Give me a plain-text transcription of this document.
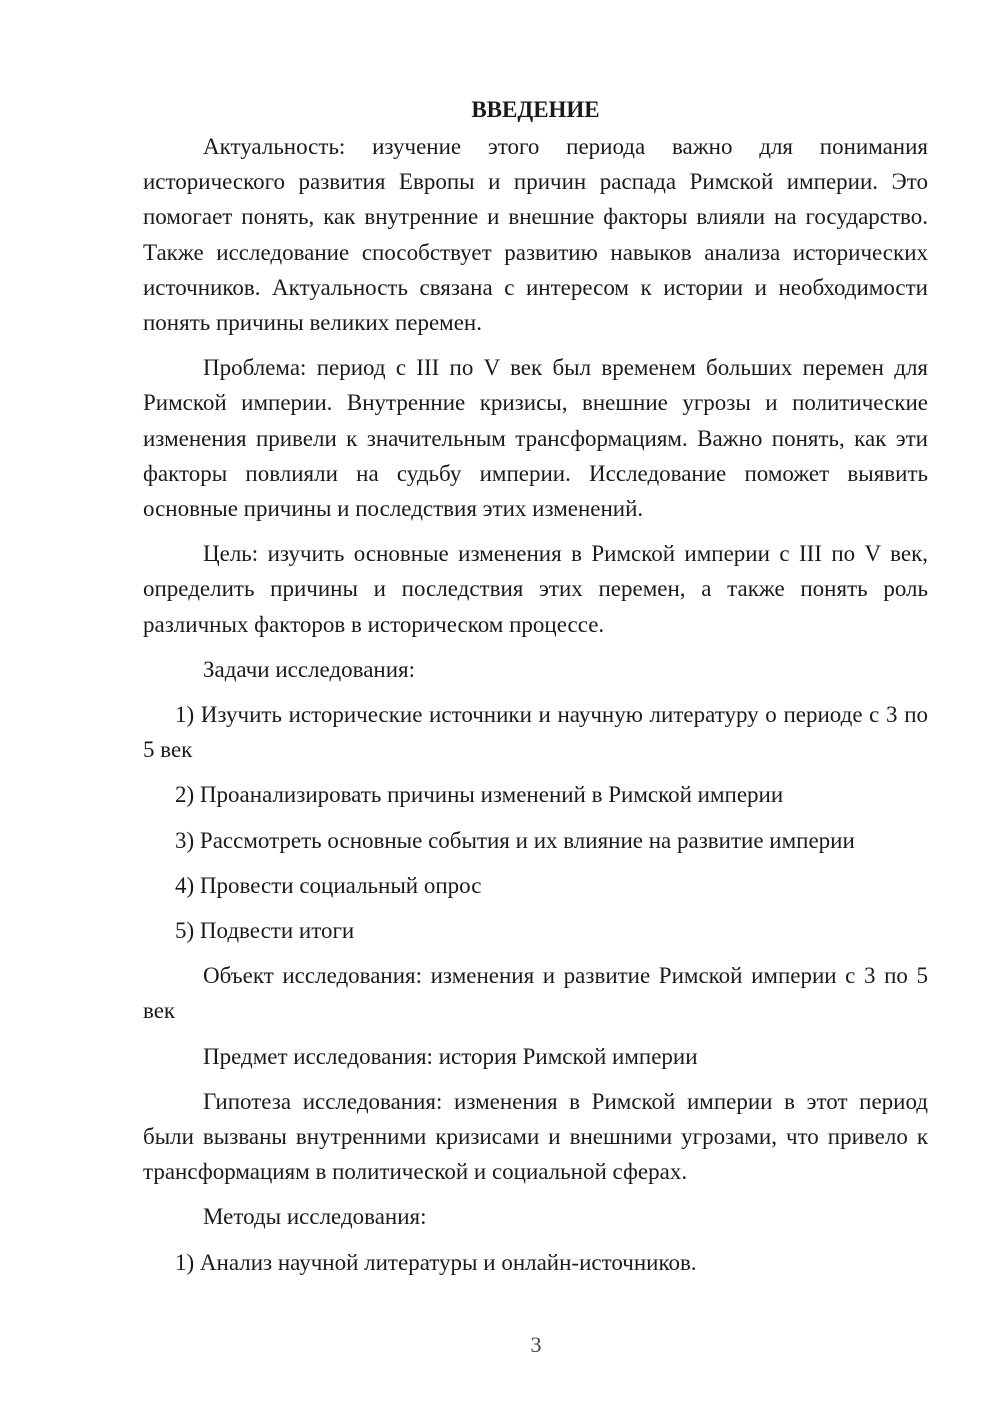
ВВЕДЕНИЕ

Актуальность: изучение этого периода важно для понимания исторического развития Европы и причин распада Римской империи. Это помогает понять, как внутренние и внешние факторы влияли на государство. Также исследование способствует развитию навыков анализа исторических источников. Актуальность связана с интересом к истории и необходимости понять причины великих перемен.

Проблема: период с III по V век был временем больших перемен для Римской империи. Внутренние кризисы, внешние угрозы и политические изменения привели к значительным трансформациям. Важно понять, как эти факторы повлияли на судьбу империи. Исследование поможет выявить основные причины и последствия этих изменений.

Цель: изучить основные изменения в Римской империи с III по V век, определить причины и последствия этих перемен, а также понять роль различных факторов в историческом процессе.

Задачи исследования:

1) Изучить исторические источники и научную литературу о периоде с 3 по 5 век

2) Проанализировать причины изменений в Римской империи

3) Рассмотреть основные события и их влияние на развитие империи

4) Провести социальный опрос

5) Подвести итоги

Объект исследования: изменения и развитие Римской империи с 3 по 5 век

Предмет исследования: история Римской империи

Гипотеза исследования: изменения в Римской империи в этот период были вызваны внутренними кризисами и внешними угрозами, что привело к трансформациям в политической и социальной сферах.

Методы исследования:

1) Анализ научной литературы и онлайн-источников.

3
